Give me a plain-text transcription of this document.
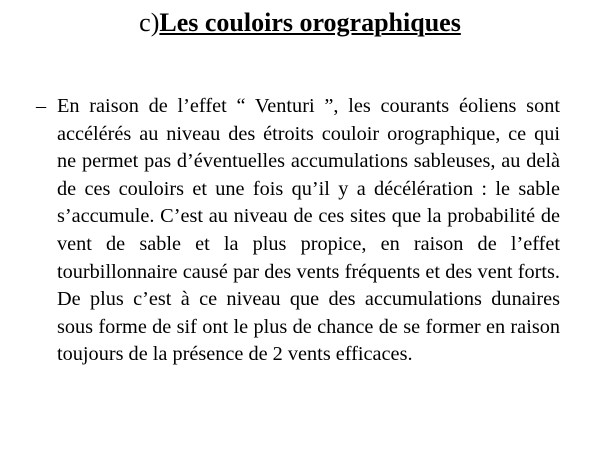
c)Les couloirs orographiques
– En raison de l’effet “ Venturi ”, les courants éoliens sont accélérés au niveau des étroits couloir orographique, ce qui ne permet pas d’éventuelles accumulations sableuses, au delà de ces couloirs et une fois qu’il y a décélération : le sable s’accumule. C’est au niveau de ces sites que la probabilité de vent de sable et la plus propice, en raison de l’effet tourbillonnaire causé par des vents fréquents et des vent forts. De plus c’est à ce niveau que des accumulations dunaires sous forme de sif ont le plus de chance de se former en raison toujours de la présence de 2 vents efficaces.
